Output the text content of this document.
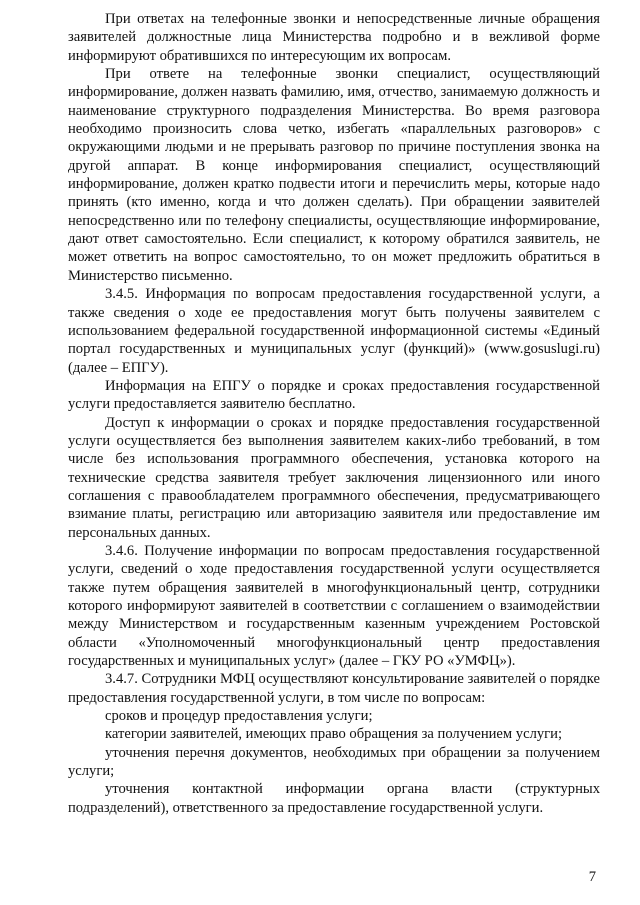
При ответах на телефонные звонки и непосредственные личные обращения заявителей должностные лица Министерства подробно и в вежливой форме информируют обратившихся по интересующим их вопросам.

При ответе на телефонные звонки специалист, осуществляющий информирование, должен назвать фамилию, имя, отчество, занимаемую должность и наименование структурного подразделения Министерства. Во время разговора необходимо произносить слова четко, избегать «параллельных разговоров» с окружающими людьми и не прерывать разговор по причине поступления звонка на другой аппарат. В конце информирования специалист, осуществляющий информирование, должен кратко подвести итоги и перечислить меры, которые надо принять (кто именно, когда и что должен сделать). При обращении заявителей непосредственно или по телефону специалисты, осуществляющие информирование, дают ответ самостоятельно. Если специалист, к которому обратился заявитель, не может ответить на вопрос самостоятельно, то он может предложить обратиться в Министерство письменно.

3.4.5. Информация по вопросам предоставления государственной услуги, а также сведения о ходе ее предоставления могут быть получены заявителем с использованием федеральной государственной информационной системы «Единый портал государственных и муниципальных услуг (функций)» (www.gosuslugi.ru) (далее – ЕПГУ).

Информация на ЕПГУ о порядке и сроках предоставления государственной услуги предоставляется заявителю бесплатно.

Доступ к информации о сроках и порядке предоставления государственной услуги осуществляется без выполнения заявителем каких-либо требований, в том числе без использования программного обеспечения, установка которого на технические средства заявителя требует заключения лицензионного или иного соглашения с правообладателем программного обеспечения, предусматривающего взимание платы, регистрацию или авторизацию заявителя или предоставление им персональных данных.

3.4.6. Получение информации по вопросам предоставления государственной услуги, сведений о ходе предоставления государственной услуги осуществляется также путем обращения заявителей в многофункциональный центр, сотрудники которого информируют заявителей в соответствии с соглашением о взаимодействии между Министерством и государственным казенным учреждением Ростовской области «Уполномоченный многофункциональный центр предоставления государственных и муниципальных услуг» (далее – ГКУ РО «УМФЦ»).

3.4.7. Сотрудники МФЦ осуществляют консультирование заявителей о порядке предоставления государственной услуги, в том числе по вопросам:

сроков и процедур предоставления услуги;

категории заявителей, имеющих право обращения за получением услуги;

уточнения перечня документов, необходимых при обращении за получением услуги;

уточнения контактной информации органа власти (структурных подразделений), ответственного за предоставление государственной услуги.

7
